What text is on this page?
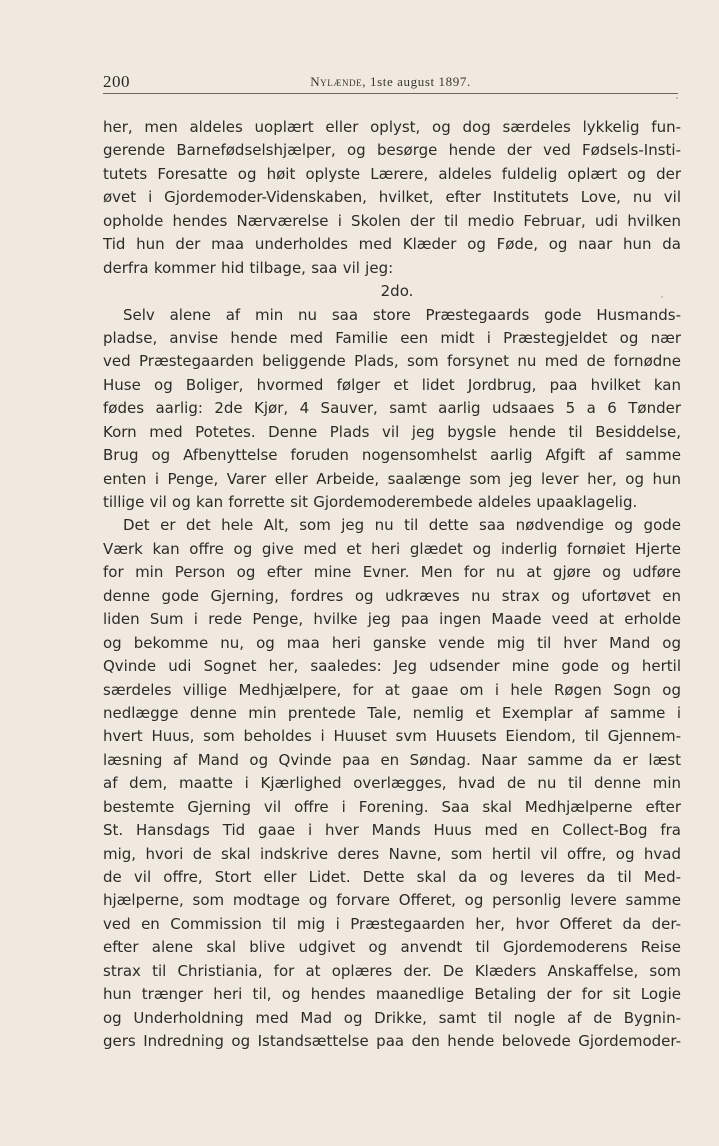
200	Nylænde, 1ste august 1897.
her, men aldeles uoplært eller oplyst, og dog særdeles lykkelig fun-
gerende Barnefødselshjælper, og besørge hende der ved Fødsels-Insti-
tutets Foresatte og høit oplyste Lærere, aldeles fuldelig oplært og der
øvet i Gjordemoder-Videnskaben, hvilket, efter Institutets Love, nu vil
opholde hendes Nærværelse i Skolen der til medio Februar, udi hvilken
Tid hun der maa underholdes med Klæder og Føde, og naar hun da
derfra kommer hid tilbage, saa vil jeg:
2do.
Selv alene af min nu saa store Præstegaards gode Husmands-
pladse, anvise hende med Familie een midt i Præstegjeldet og nær
ved Præstegaarden beliggende Plads, som forsynet nu med de fornødne
Huse og Boliger, hvormed følger et lidet Jordbrug, paa hvilket kan
fødes aarlig: 2de Kjør, 4 Sauver, samt aarlig udsaaes 5 a 6 Tønder
Korn med Potetes. Denne Plads vil jeg bygsle hende til Besiddelse,
Brug og Afbenyttelse foruden nogensomhelst aarlig Afgift af samme
enten i Penge, Varer eller Arbeide, saalænge som jeg lever her, og hun
tillige vil og kan forrette sit Gjordemoderembede aldeles upaaklagelig.
Det er det hele Alt, som jeg nu til dette saa nødvendige og gode
Værk kan offre og give med et heri glædet og inderlig fornøiet Hjerte
for min Person og efter mine Evner. Men for nu at gjøre og udføre
denne gode Gjerning, fordres og udkræves nu strax og ufortøvet en
liden Sum i rede Penge, hvilke jeg paa ingen Maade veed at erholde
og bekomme nu, og maa heri ganske vende mig til hver Mand og
Qvinde udi Sognet her, saaledes: Jeg udsender mine gode og hertil
særdeles villige Medhjælpere, for at gaae om i hele Røgen Sogn og
nedlægge denne min prentede Tale, nemlig et Exemplar af samme i
hvert Huus, som beholdes i Huuset svm Huusets Eiendom, til Gjennem-
læsning af Mand og Qvinde paa en Søndag. Naar samme da er læst
af dem, maatte i Kjærlighed overlægges, hvad de nu til denne min
bestemte Gjerning vil offre i Forening. Saa skal Medhjælperne efter
St. Hansdags Tid gaae i hver Mands Huus med en Collect-Bog fra
mig, hvori de skal indskrive deres Navne, som hertil vil offre, og hvad
de vil offre, Stort eller Lidet. Dette skal da og leveres da til Med-
hjælperne, som modtage og forvare Offeret, og personlig levere samme
ved en Commission til mig i Præstegaarden her, hvor Offeret da der-
efter alene skal blive udgivet og anvendt til Gjordemoderens Reise
strax til Christiania, for at oplæres der. De Klæders Anskaffelse, som
hun trænger heri til, og hendes maanedlige Betaling der for sit Logie
og Underholdning med Mad og Drikke, samt til nogle af de Bygnin-
gers Indredning og Istandsættelse paa den hende belovede Gjordemoder-
